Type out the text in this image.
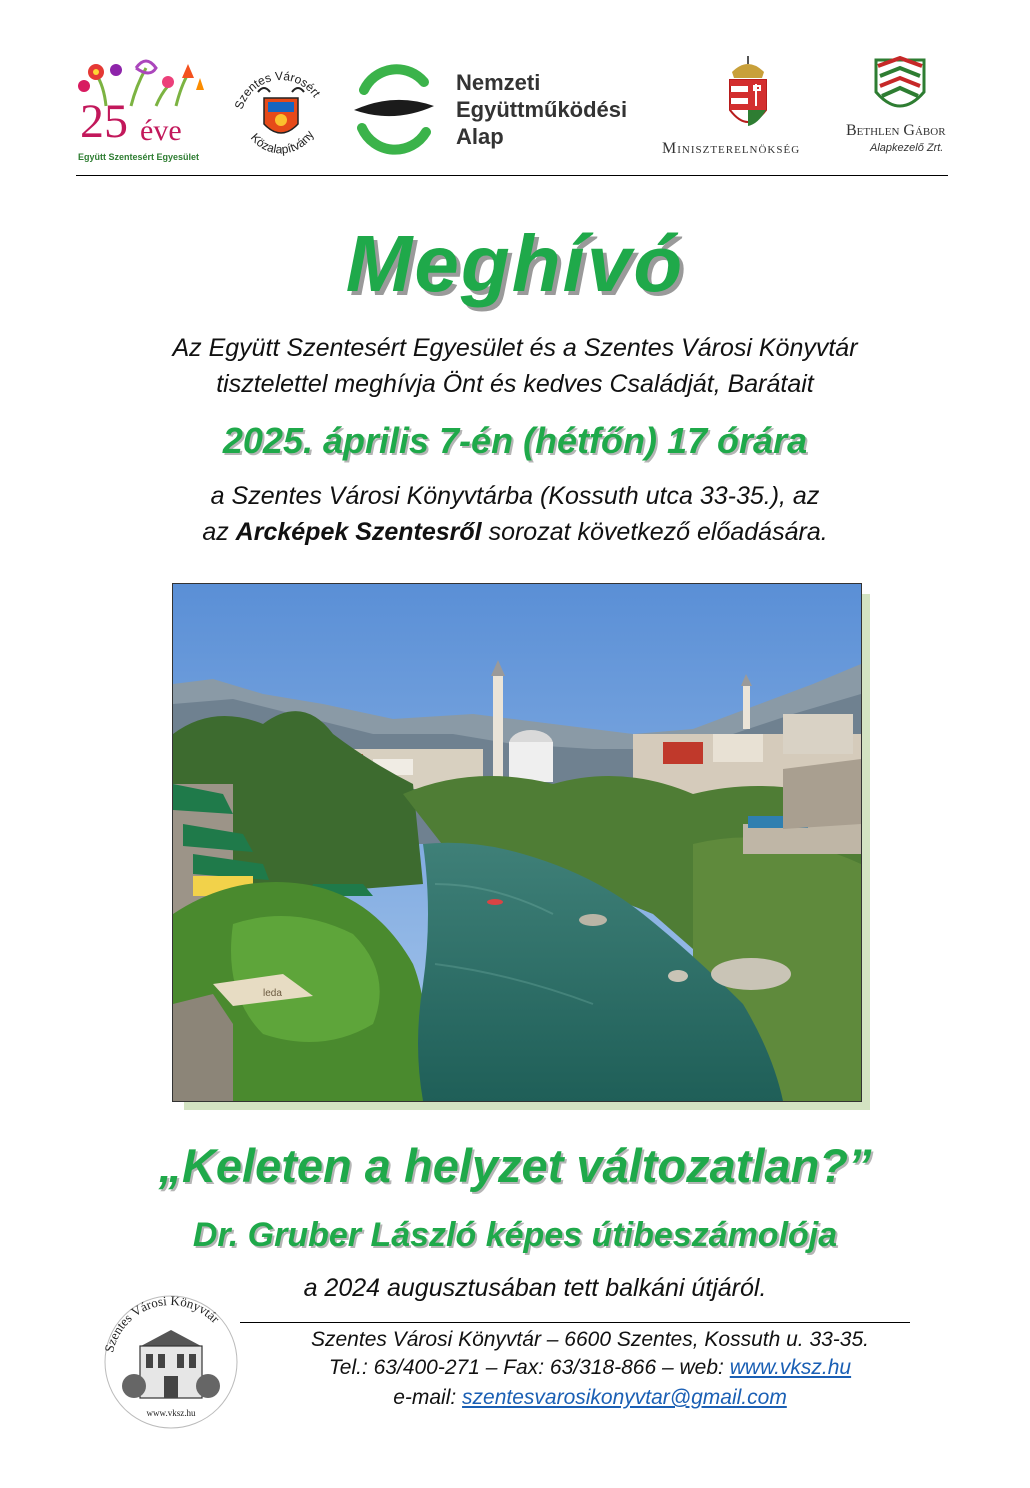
25 éve
Együtt Szentesért Egyesület
Szentes Városért
Közalapítvány
Nemzeti
Együttműködési
Alap	Miniszterelnökség
Bethlen Gábor
Alapkezelő Zrt.
Meghívó
Az Együtt Szentesért Egyesület és a Szentes Városi Könyvtár
tisztelettel meghívja Önt és kedves Családját, Barátait
2025. április 7-én (hétfőn) 17 órára
a Szentes Városi Könyvtárba (Kossuth utca 33-35.), az
az Arcképek Szentesről sorozat következő előadására.
leda
„Keleten a helyzet változatlan?”
Dr. Gruber László képes útibeszámolója
a 2024 augusztusában tett balkáni útjáról.
Szentes Városi Könyvtár
www.vksz.hu
Szentes Városi Könyvtár – 6600 Szentes, Kossuth u. 33-35.
Tel.: 63/400-271 – Fax: 63/318-866 – web: www.vksz.hu
e-mail: szentesvarosikonyvtar@gmail.com
